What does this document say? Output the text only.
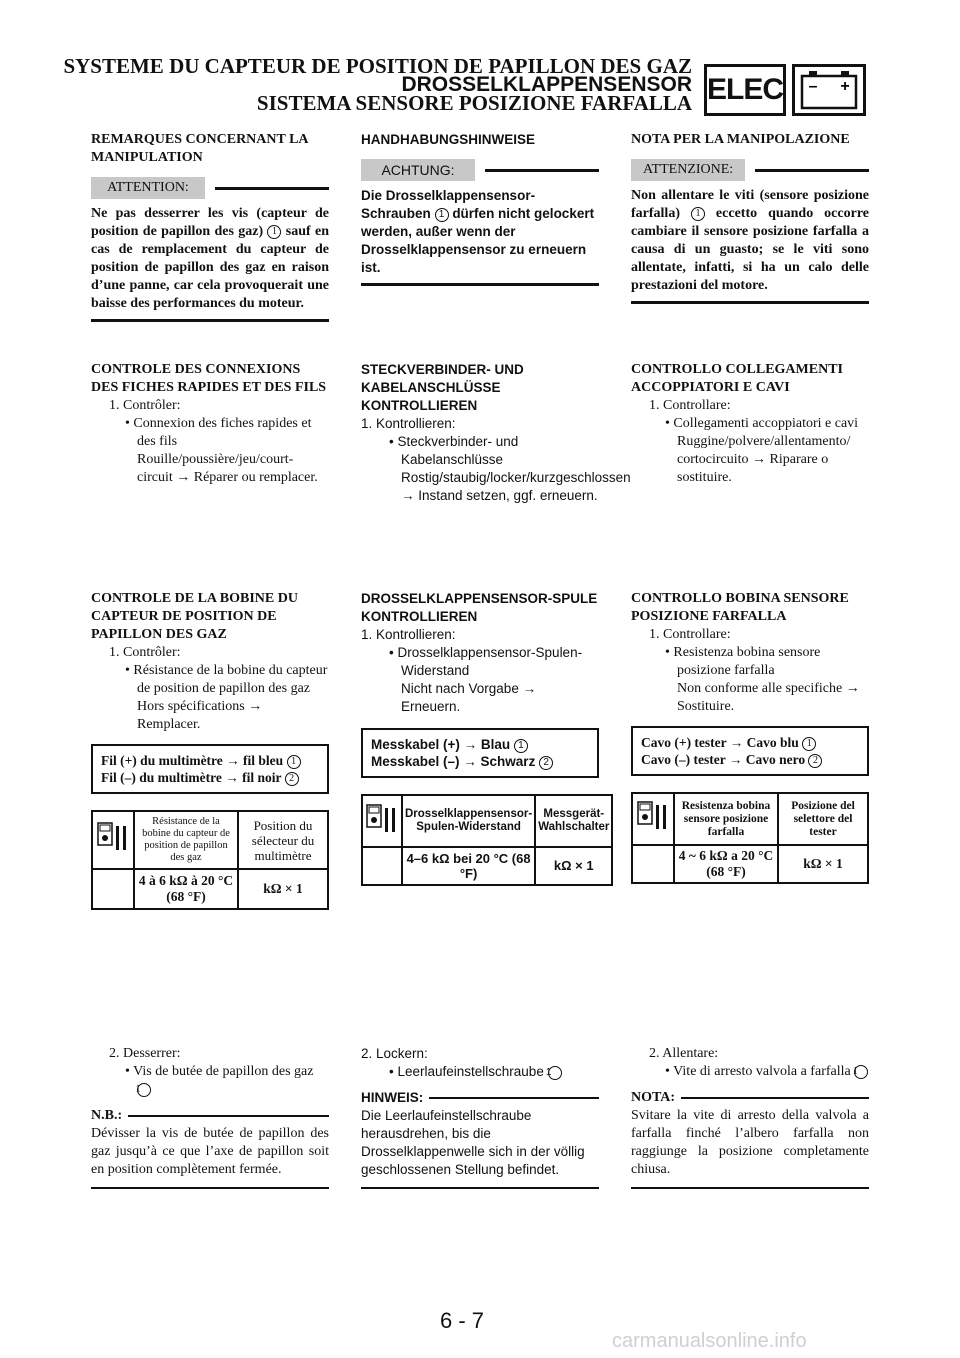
SYSTEME DU CAPTEUR DE POSITION DE PAPILLON DES GAZ
DROSSELKLAPPENSENSOR
SISTEMA SENSORE POSIZIONE FARFALLA ELEC – +
REMARQUES CONCERNANT LA MANIPULATION
ATTENTION:
Ne pas desserrer les vis (capteur de position de papillon des gaz) 1 sauf en cas de remplacement du capteur de position de papillon des gaz en raison d’une panne, car cela provoquerait une baisse des performances du moteur.
CONTROLE DES CONNEXIONS DES FICHES RAPIDES ET DES FILS
1. Contrôler:
• Connexion des fiches rapides et des fils
Rouille/poussière/jeu/court-circuit → Réparer ou remplacer.
CONTROLE DE LA BOBINE DU CAPTEUR DE POSITION DE PAPILLON DES GAZ
1. Contrôler:
• Résistance de la bobine du capteur de position de papillon des gaz
Hors spécifications → Remplacer.
Fil (+) du multimètre → fil bleu 1
Fil (–) du multimètre → fil noir 2
	Résistance de la bobine du capteur de position de papillon des gaz	Position du sélecteur du multimètre
	4 à 6 kΩ à 20 °C (68 °F)	kΩ × 1
2. Desserrer:
• Vis de butée de papillon des gaz 1
N.B.:
Dévisser la vis de butée de papillon des gaz jusqu’à ce que l’axe de papillon soit en position complètement fermée.
HANDHABUNGSHINWEISE
ACHTUNG:
Die Drosselklappensensor-Schrauben 1 dürfen nicht gelockert werden, außer wenn der Drosselklappensensor zu erneuern ist.
STECKVERBINDER- UND KABELANSCHLÜSSE KONTROLLIEREN
1. Kontrollieren:
• Steckverbinder- und Kabelanschlüsse
Rostig/staubig/locker/kurzgeschlossen → Instand setzen, ggf. erneuern.
DROSSELKLAPPENSENSOR-SPULE KONTROLLIEREN
1. Kontrollieren:
• Drosselklappensensor-Spulen-Widerstand
Nicht nach Vorgabe → Erneuern.
Messkabel (+) → Blau 1
Messkabel (–) → Schwarz 2
	Drosselklappensensor-Spulen-Widerstand	Messgerät-Wahlschalter
	4–6 kΩ bei 20 °C (68 °F)	kΩ × 1
2. Lockern:
• Leerlaufeinstellschraube 1
HINWEIS:
Die Leerlaufeinstellschraube herausdrehen, bis die Drosselklappenwelle sich in der völlig geschlossenen Stellung befindet.
NOTA PER LA MANIPOLAZIONE
ATTENZIONE:
Non allentare le viti (sensore posizione farfalla) 1 eccetto quando occorre cambiare il sensore posizione farfalla a causa di un guasto; se le viti sono allentate, infatti, si ha un calo delle prestazioni del motore.
CONTROLLO COLLEGAMENTI ACCOPPIATORI E CAVI
1. Controllare:
• Collegamenti accoppiatori e cavi
Ruggine/polvere/allentamento/ cortocircuito → Riparare o sostituire.
CONTROLLO BOBINA SENSORE POSIZIONE FARFALLA
1. Controllare:
• Resistenza bobina sensore posizione farfalla
Non conforme alle specifiche → Sostituire.
Cavo (+) tester → Cavo blu 1
Cavo (–) tester → Cavo nero 2
	Resistenza bobina sensore posizione farfalla	Posizione del selettore del tester
	4 ~ 6 kΩ a 20 °C (68 °F)	kΩ × 1
2. Allentare:
• Vite di arresto valvola a farfalla 1
NOTA:
Svitare la vite di arresto della valvola a farfalla finché l’albero farfalla non raggiunge la posizione completamente chiusa.
6 - 7
carmanualsonline.info
